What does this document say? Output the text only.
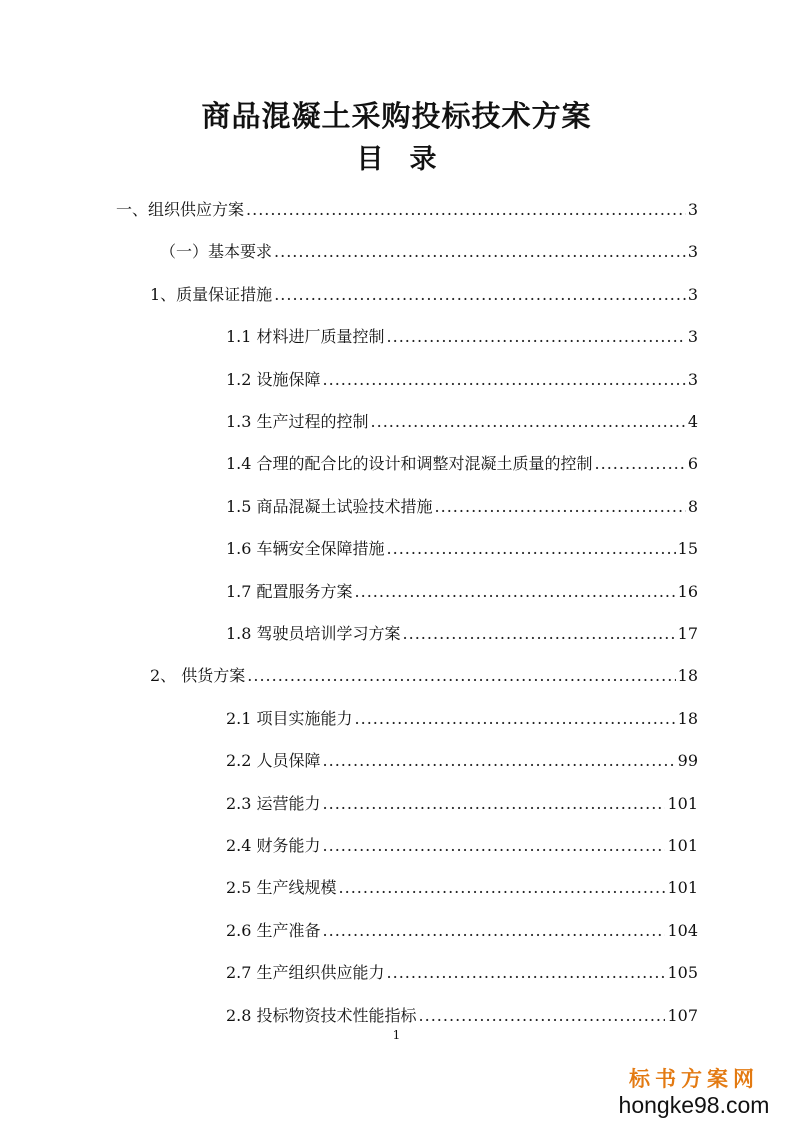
商品混凝土采购投标技术方案
目 录
一、组织供应方案 .....	3
（一）基本要求 .....	3
1、质量保证措施 .....	3
1.1 材料进厂质量控制 .....	3
1.2 设施保障 .....	3
1.3 生产过程的控制 .....	4
1.4 合理的配合比的设计和调整对混凝土质量的控制 .....	6
1.5 商品混凝土试验技术措施 .....	8
1.6 车辆安全保障措施 .....	15
1.7 配置服务方案 .....	16
1.8 驾驶员培训学习方案 .....	17
2、 供货方案 .....	18
2.1 项目实施能力 .....	18
2.2 人员保障 .....	99
2.3 运营能力 .....	101
2.4 财务能力 .....	101
2.5 生产线规模 .....	101
2.6 生产准备 .....	104
2.7 生产组织供应能力 .....	105
2.8 投标物资技术性能指标 .....	107
1
标书方案网
hongke98.com
